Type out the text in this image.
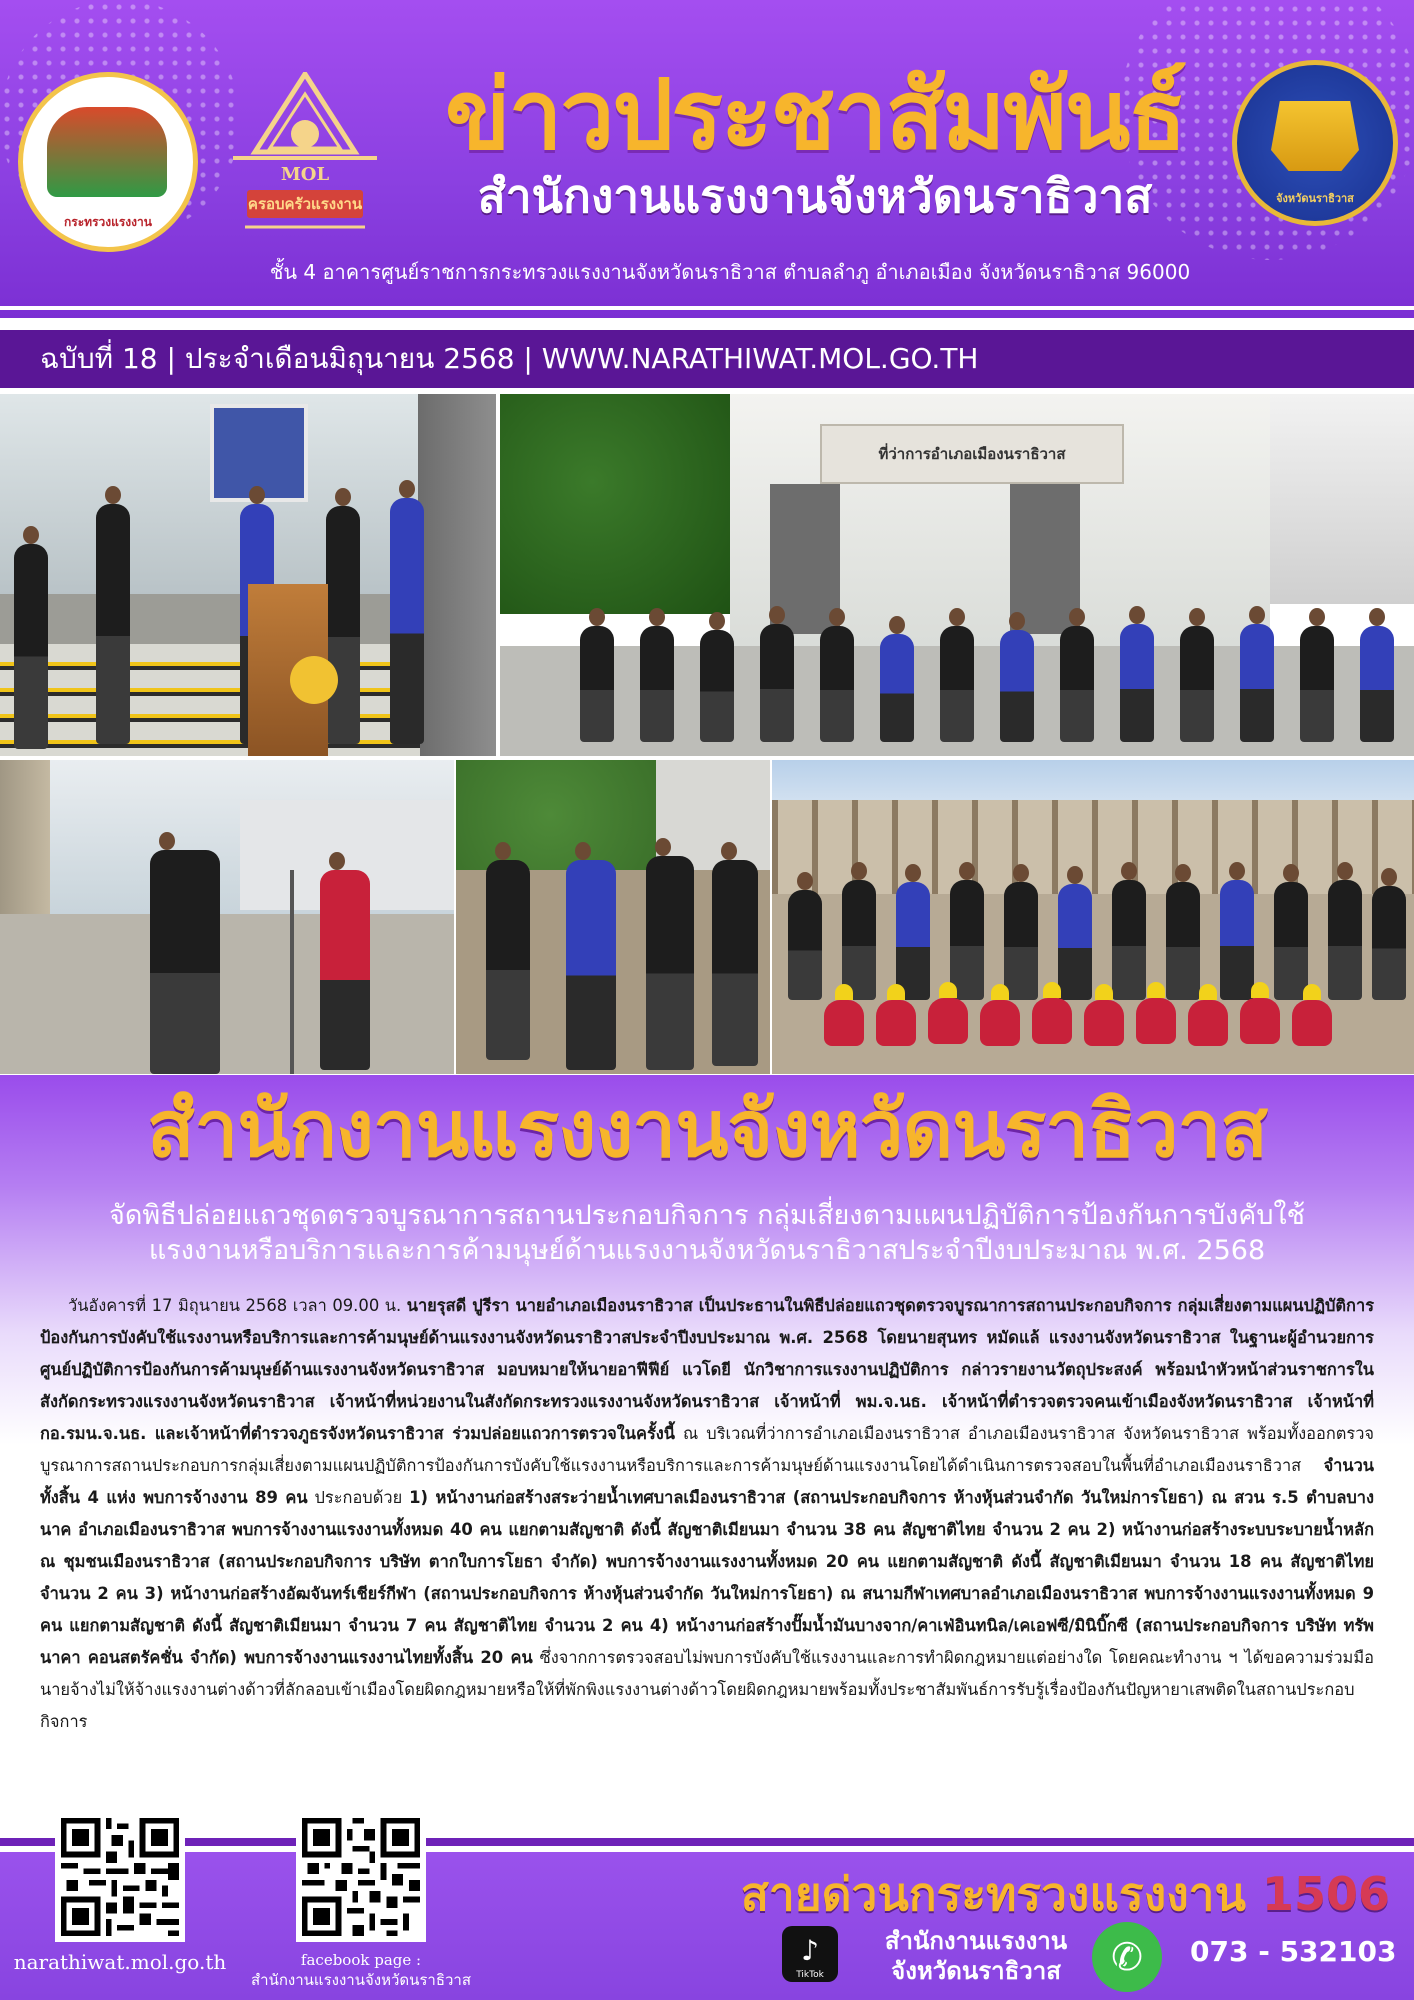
กระทรวงแรงงาน
MOL
ครอบครัวแรงงาน
ข่าวประชาสัมพันธ์
สำนักงานแรงงานจังหวัดนราธิวาส	จังหวัดนราธิวาส
ชั้น 4 อาคารศูนย์ราชการกระทรวงแรงงานจังหวัดนราธิวาส ตำบลลำภู อำเภอเมือง จังหวัดนราธิวาส 96000
ฉบับที่ 18 | ประจำเดือนมิถุนายน 2568 | WWW.NARATHIWAT.MOL.GO.TH
ที่ว่าการอำเภอเมืองนราธิวาส
สำนักงานแรงงานจังหวัดนราธิวาส
จัดพิธีปล่อยแถวชุดตรวจบูรณาการสถานประกอบกิจการ กลุ่มเสี่ยงตามแผนปฏิบัติการป้องกันการบังคับใช้
แรงงานหรือบริการและการค้ามนุษย์ด้านแรงงานจังหวัดนราธิวาสประจำปีงบประมาณ พ.ศ. 2568
วันอังคารที่ 17 มิถุนายน 2568 เวลา 09.00 น. นายรุสดี ปูรีรา นายอำเภอเมืองนราธิวาส เป็นประธานในพิธีปล่อยแถวชุดตรวจบูรณาการสถานประกอบกิจการ กลุ่มเสี่ยงตามแผนปฏิบัติการป้องกันการบังคับใช้แรงงานหรือบริการและการค้ามนุษย์ด้านแรงงานจังหวัดนราธิวาสประจำปีงบประมาณ พ.ศ. 2568 โดยนายสุนทร หมัดแล้ แรงงานจังหวัดนราธิวาส ในฐานะผู้อำนวยการศูนย์ปฏิบัติการป้องกันการค้ามนุษย์ด้านแรงงานจังหวัดนราธิวาส มอบหมายให้นายอาฟีฟีย์ แวโดยี นักวิชาการแรงงานปฏิบัติการ กล่าวรายงานวัตถุประสงค์ พร้อมนำหัวหน้าส่วนราชการในสังกัดกระทรวงแรงงานจังหวัดนราธิวาส เจ้าหน้าที่หน่วยงานในสังกัดกระทรวงแรงงานจังหวัดนราธิวาส เจ้าหน้าที่ พม.จ.นธ. เจ้าหน้าที่ตำรวจตรวจคนเข้าเมืองจังหวัดนราธิวาส เจ้าหน้าที่ กอ.รมน.จ.นธ. และเจ้าหน้าที่ตำรวจภูธรจังหวัดนราธิวาส ร่วมปล่อยแถวการตรวจในครั้งนี้ ณ บริเวณที่ว่าการอำเภอเมืองนราธิวาส อำเภอเมืองนราธิวาส จังหวัดนราธิวาส พร้อมทั้งออกตรวจบูรณาการสถานประกอบการกลุ่มเสี่ยงตามแผนปฏิบัติการป้องกันการบังคับใช้แรงงานหรือบริการและการค้ามนุษย์ด้านแรงงานโดยได้ดำเนินการตรวจสอบในพื้นที่อำเภอเมืองนราธิวาส จำนวนทั้งสิ้น 4 แห่ง พบการจ้างงาน 89 คน ประกอบด้วย 1) หน้างานก่อสร้างสระว่ายน้ำเทศบาลเมืองนราธิวาส (สถานประกอบกิจการ ห้างหุ้นส่วนจำกัด วันใหม่การโยธา) ณ สวน ร.5 ตำบลบางนาค อำเภอเมืองนราธิวาส พบการจ้างงานแรงงานทั้งหมด 40 คน แยกตามสัญชาติ ดังนี้ สัญชาติเมียนมา จำนวน 38 คน สัญชาติไทย จำนวน 2 คน 2) หน้างานก่อสร้างระบบระบายน้ำหลัก ณ ชุมชนเมืองนราธิวาส (สถานประกอบกิจการ บริษัท ตากใบการโยธา จำกัด) พบการจ้างงานแรงงานทั้งหมด 20 คน แยกตามสัญชาติ ดังนี้ สัญชาติเมียนมา จำนวน 18 คน สัญชาติไทย จำนวน 2 คน 3) หน้างานก่อสร้างอัฒจันทร์เชียร์กีฬา (สถานประกอบกิจการ ห้างหุ้นส่วนจำกัด วันใหม่การโยธา) ณ สนามกีฬาเทศบาลอำเภอเมืองนราธิวาส พบการจ้างงานแรงงานทั้งหมด 9 คน แยกตามสัญชาติ ดังนี้ สัญชาติเมียนมา จำนวน 7 คน สัญชาติไทย จำนวน 2 คน 4) หน้างานก่อสร้างปั๊มน้ำมันบางจาก/คาเฟ่อินทนิล/เคเอฟซี/มินิบิ๊กซี (สถานประกอบกิจการ บริษัท ทรัพนาคา คอนสตรัคชั่น จำกัด) พบการจ้างงานแรงงานไทยทั้งสิ้น 20 คน ซึ่งจากการตรวจสอบไม่พบการบังคับใช้แรงงานและการทำผิดกฎหมายแต่อย่างใด โดยคณะทำงาน ฯ ได้ขอความร่วมมือนายจ้างไม่ให้จ้างแรงงานต่างด้าวที่ลักลอบเข้าเมืองโดยผิดกฎหมายหรือให้ที่พักพิงแรงงานต่างด้าวโดยผิดกฎหมายพร้อมทั้งประชาสัมพันธ์การรับรู้เรื่องป้องกันปัญหายาเสพติดในสถานประกอบกิจการ
narathiwat.mol.go.th	facebook page :
สำนักงานแรงงานจังหวัดนราธิวาส
สายด่วนกระทรวงแรงงาน 1506
♪
TikTok
สำนักงานแรงงาน
จังหวัดนราธิวาส	✆	073 - 532103
